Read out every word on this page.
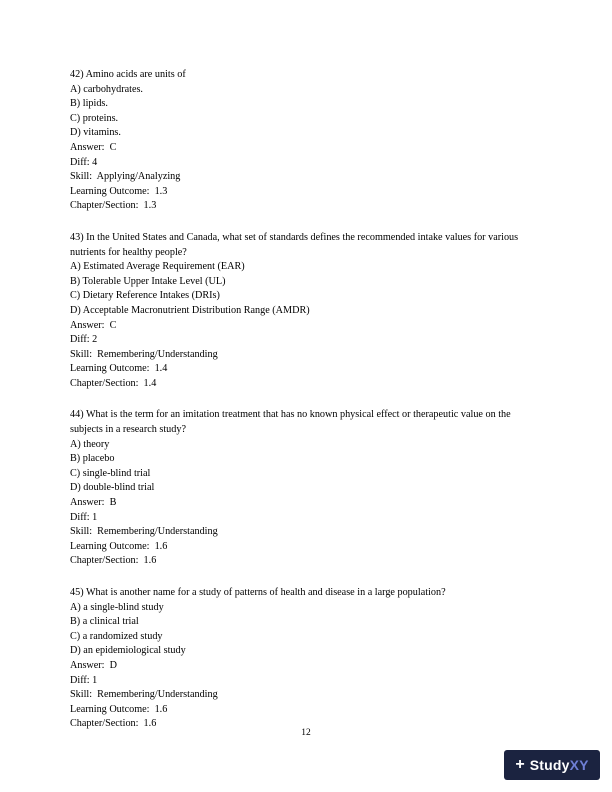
42) Amino acids are units of
A) carbohydrates.
B) lipids.
C) proteins.
D) vitamins.
Answer:  C
Diff: 4
Skill:  Applying/Analyzing
Learning Outcome:  1.3
Chapter/Section:  1.3
43) In the United States and Canada, what set of standards defines the recommended intake values for various nutrients for healthy people?
A) Estimated Average Requirement (EAR)
B) Tolerable Upper Intake Level (UL)
C) Dietary Reference Intakes (DRIs)
D) Acceptable Macronutrient Distribution Range (AMDR)
Answer:  C
Diff: 2
Skill:  Remembering/Understanding
Learning Outcome:  1.4
Chapter/Section:  1.4
44) What is the term for an imitation treatment that has no known physical effect or therapeutic value on the subjects in a research study?
A) theory
B) placebo
C) single-blind trial
D) double-blind trial
Answer:  B
Diff: 1
Skill:  Remembering/Understanding
Learning Outcome:  1.6
Chapter/Section:  1.6
45) What is another name for a study of patterns of health and disease in a large population?
A) a single-blind study
B) a clinical trial
C) a randomized study
D) an epidemiological study
Answer:  D
Diff: 1
Skill:  Remembering/Understanding
Learning Outcome:  1.6
Chapter/Section:  1.6
12
+ StudyXY
